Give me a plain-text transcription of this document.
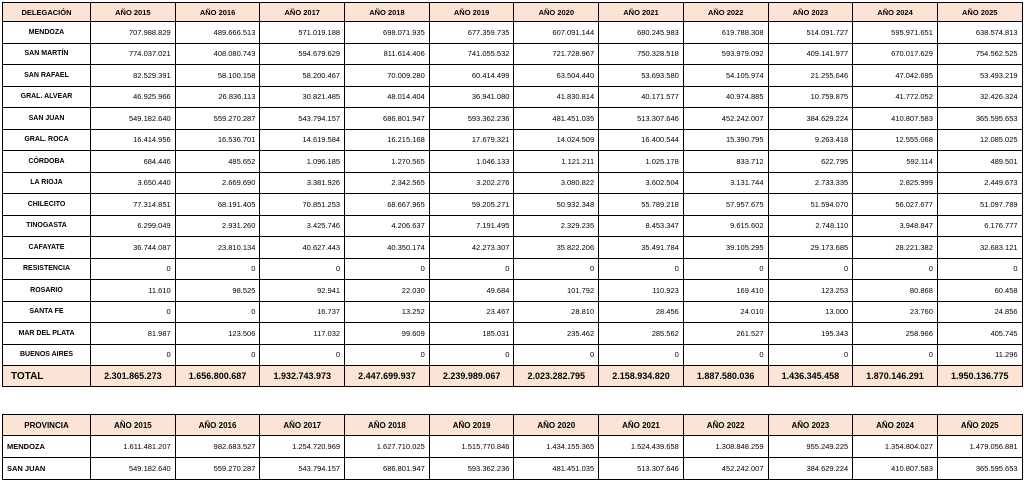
DELEGACIÓN	AÑO 2015	AÑO 2016	AÑO 2017	AÑO 2018	AÑO 2019	AÑO 2020	AÑO 2021	AÑO 2022	AÑO 2023	AÑO 2024	AÑO 2025
MENDOZA	707.988.829	489.666.513	571.019.188	698.071.935	677.359.735	607.091.144	680.245.983	619.788.308	514.091.727	595.971.651	638.574.813
SAN MARTÍN	774.037.021	408.080.743	594.679.629	811.614.406	741.055.532	721.728.967	750.328.518	593.979.092	409.141.977	670.017.629	754.562.525
SAN RAFAEL	82.529.391	58.100.158	58.200.467	70.009.280	60.414.499	63.504.440	53.693.580	54.105.974	21.255.646	47.042.695	53.493.219
GRAL. ALVEAR	46.925.966	26.836.113	30.821.485	48.014.404	36.941.080	41.830.814	40.171.577	40.974.885	10.759.875	41.772.052	32.426.324
SAN JUAN	549.182.640	559.270.287	543.794.157	686.801.947	593.362.236	481.451.035	513.307.646	452.242.007	384.629.224	410.807.583	365.595.653
GRAL. ROCA	16.414.956	16.536.701	14.619.584	16.215.168	17.679.321	14.024.509	16.400.544	15.390.795	9.263.418	12.555.068	12.085.025
CÓRDOBA	684.446	485.652	1.096.185	1.270.565	1.046.133	1.121.211	1.025.178	833.712	622.795	592.114	489.501
LA RIOJA	3.650.440	2.669.690	3.381.926	2.342.565	3.202.276	3.080.822	3.602.504	3.131.744	2.733.335	2.825.999	2.449.673
CHILECITO	77.314.851	68.191.405	70.851.253	68.667.965	59.205.271	50.932.348	55.789.218	57.957.675	51.594.070	56.027.677	51.097.789
TINOGASTA	6.299.049	2.931.260	3.425.746	4.206.637	7.191.495	2.329.235	8.453.347	9.615.602	2.748.110	3.948.847	6.176.777
CAFAYATE	36.744.087	23.810.134	40.627.443	40.350.174	42.273.307	35.822.206	35.491.784	39.105.295	29.173.685	28.221.382	32.683.121
RESISTENCIA	0	0	0	0	0	0	0	0	0	0	0
ROSARIO	11.610	98.525	92.941	22.030	49.684	101.792	110.923	169.410	123.253	80.868	60.458
SANTA FE	0	0	16.737	13.252	23.467	28.810	28.456	24.010	13.000	23.760	24.856
MAR DEL PLATA	81.987	123.506	117.032	99.609	185.031	235.462	285.562	261.527	195.343	258.966	405.745
BUENOS AIRES	0	0	0	0	0	0	0	0	0	0	11.296
TOTAL	2.301.865.273	1.656.800.687	1.932.743.973	2.447.699.937	2.239.989.067	2.023.282.795	2.158.934.820	1.887.580.036	1.436.345.458	1.870.146.291	1.950.136.775
PROVINCIA	AÑO 2015	AÑO 2016	AÑO 2017	AÑO 2018	AÑO 2019	AÑO 2020	AÑO 2021	AÑO 2022	AÑO 2023	AÑO 2024	AÑO 2025
MENDOZA	1.611.481.207	982.683.527	1.254.720.969	1.627.710.025	1.515.770.846	1.434.155.365	1.524.439.658	1.308.848.259	955.249.225	1.354.804.027	1.479.056.881
SAN JUAN	549.182.640	559.270.287	543.794.157	686.801.947	593.362.236	481.451.035	513.307.646	452.242.007	384.629.224	410.807.583	365.595.653
